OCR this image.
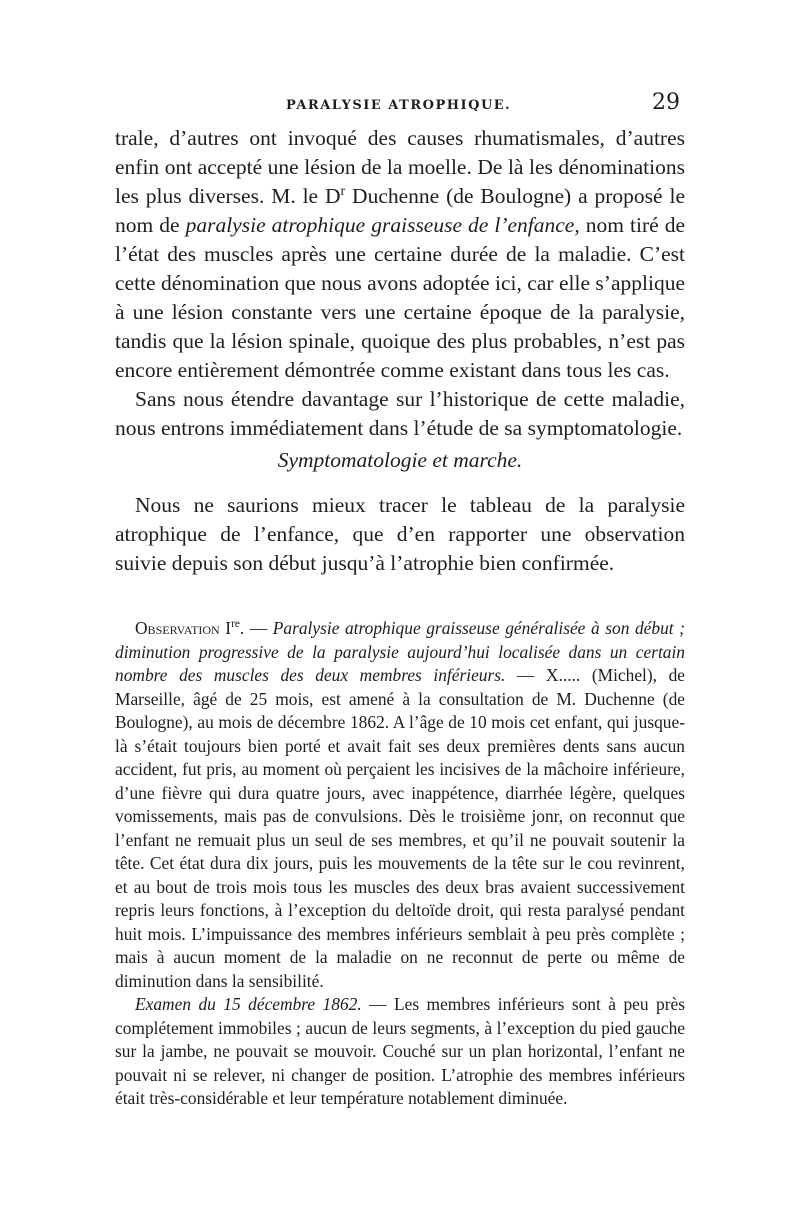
PARALYSIE ATROPHIQUE.	29

trale, d’autres ont invoqué des causes rhumatismales, d’autres enfin ont accepté une lésion de la moelle. De là les dénominations les plus diverses. M. le $D^r$ Duchenne (de Boulogne) a proposé le nom de paralysie atrophique graisseuse de l’enfance, nom tiré de l’état des muscles après une certaine durée de la maladie. C’est cette dénomination que nous avons adoptée ici, car elle s’applique à une lésion constante vers une certaine époque de la paralysie, tandis que la lésion spinale, quoique des plus probables, n’est pas encore entièrement démontrée comme existant dans tous les cas.

Sans nous étendre davantage sur l’historique de cette maladie, nous entrons immédiatement dans l’étude de sa symptomatologie.

Symptomatologie et marche.

Nous ne saurions mieux tracer le tableau de la paralysie atrophique de l’enfance, que d’en rapporter une observation suivie depuis son début jusqu’à l’atrophie bien confirmée.

Observation Ire. — Paralysie atrophique graisseuse généralisée à son début ; diminution progressive de la paralysie aujourd’hui localisée dans un certain nombre des muscles des deux membres inférieurs. — X..... (Michel), de Marseille, âgé de 25 mois, est amené à la consultation de M. Duchenne (de Boulogne), au mois de décembre 1862. A l’âge de 10 mois cet enfant, qui jusque-là s’était toujours bien porté et avait fait ses deux premières dents sans aucun accident, fut pris, au moment où perçaient les incisives de la mâchoire inférieure, d’une fièvre qui dura quatre jours, avec inappétence, diarrhée légère, quelques vomissements, mais pas de convulsions. Dès le troisième jonr, on reconnut que l’enfant ne remuait plus un seul de ses membres, et qu’il ne pouvait soutenir la tête. Cet état dura dix jours, puis les mouvements de la tête sur le cou revinrent, et au bout de trois mois tous les muscles des deux bras avaient successivement repris leurs fonctions, à l’exception du deltoïde droit, qui resta paralysé pendant huit mois. L’impuissance des membres inférieurs semblait à peu près complète ; mais à aucun moment de la maladie on ne reconnut de perte ou même de diminution dans la sensibilité.

Examen du 15 décembre 1862. — Les membres inférieurs sont à peu près complétement immobiles ; aucun de leurs segments, à l’exception du pied gauche sur la jambe, ne pouvait se mouvoir. Couché sur un plan horizontal, l’enfant ne pouvait ni se relever, ni changer de position. L’atrophie des membres inférieurs était très-considérable et leur température notablement diminuée.
